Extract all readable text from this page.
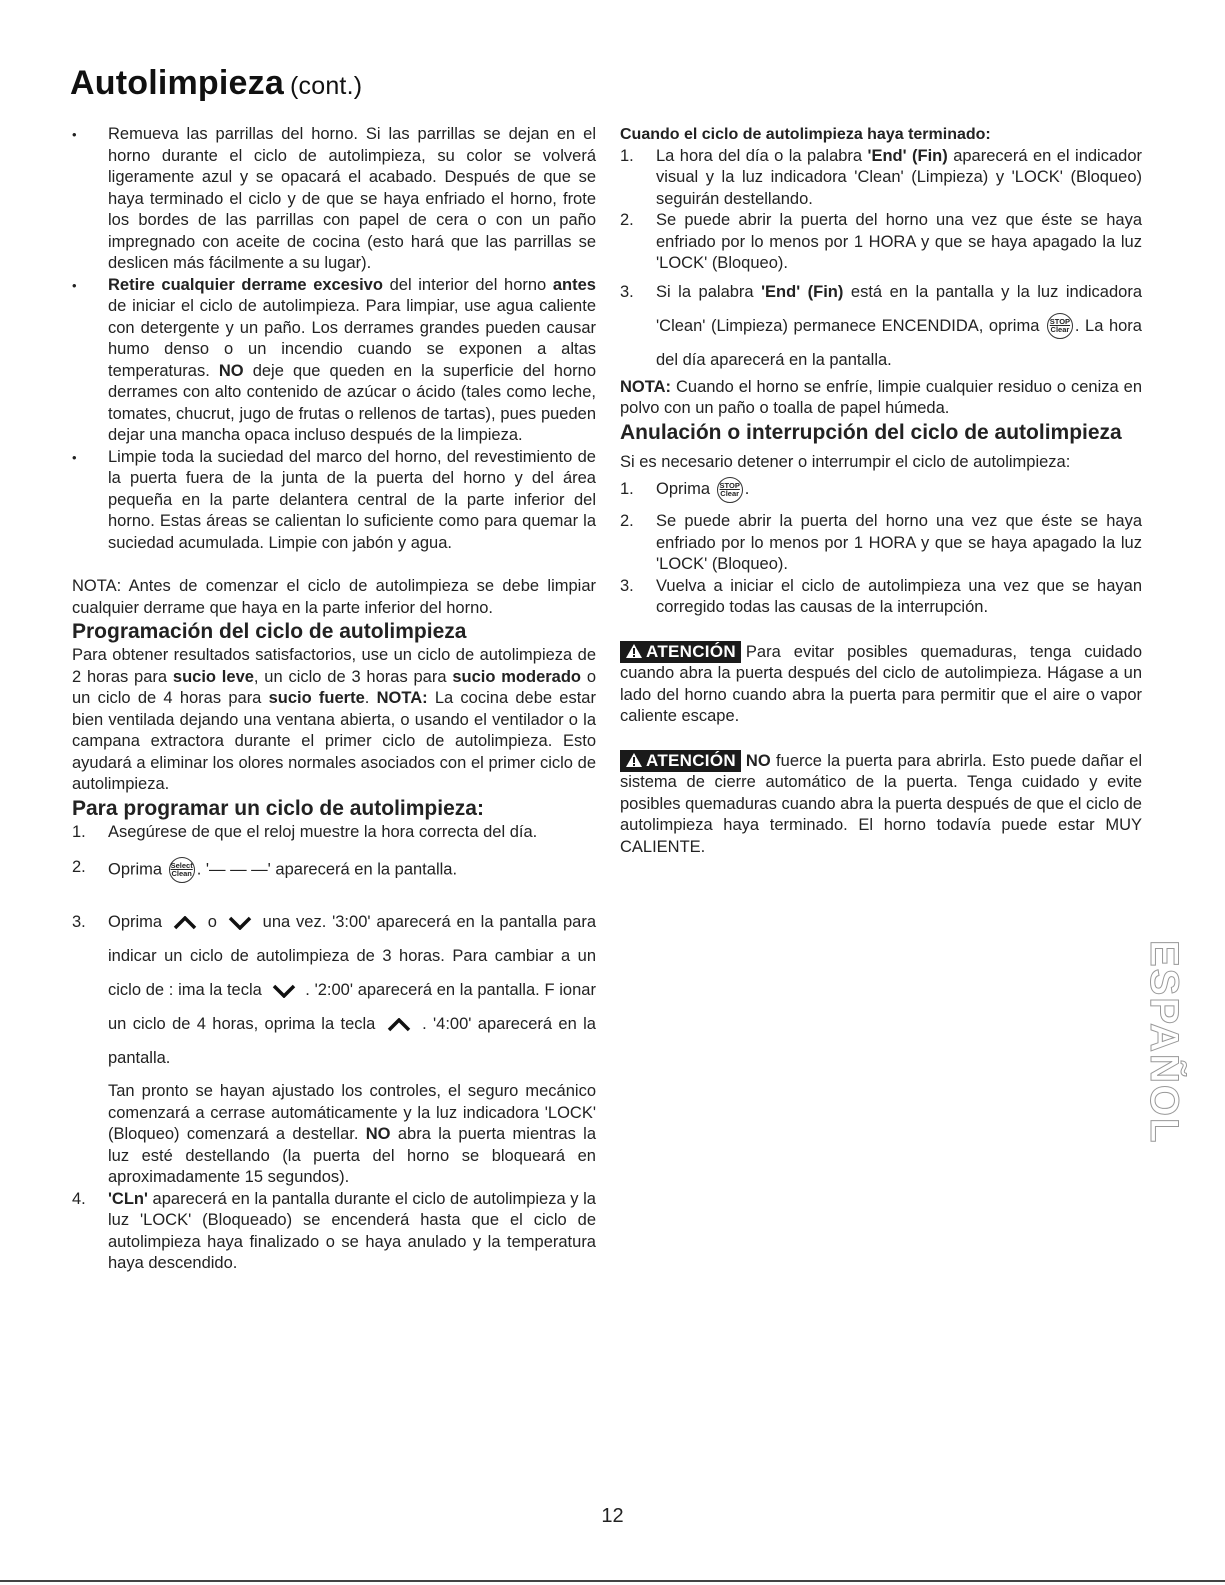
Autolimpieza (cont.)
• Remueva las parrillas del horno. Si las parrillas se dejan en el horno durante el ciclo de autolimpieza, su color se volverá ligeramente azul y se opacará el acabado. Después de que se haya terminado el ciclo y de que se haya enfriado el horno, frote los bordes de las parrillas con papel de cera o con un paño impregnado con aceite de cocina (esto hará que las parrillas se deslicen más fácilmente a su lugar).
• Retire cualquier derrame excesivo del interior del horno antes de iniciar el ciclo de autolimpieza. Para limpiar, use agua caliente con detergente y un paño. Los derrames grandes pueden causar humo denso o un incendio cuando se exponen a altas temperaturas. NO deje que queden en la superficie del horno derrames con alto contenido de azúcar o ácido (tales como leche, tomates, chucrut, jugo de frutas o rellenos de tartas), pues pueden dejar una mancha opaca incluso después de la limpieza.
• Limpie toda la suciedad del marco del horno, del revestimiento de la puerta fuera de la junta de la puerta del horno y del área pequeña en la parte delantera central de la parte inferior del horno. Estas áreas se calientan lo suficiente como para quemar la suciedad acumulada. Limpie con jabón y agua.

NOTA: Antes de comenzar el ciclo de autolimpieza se debe limpiar cualquier derrame que haya en la parte inferior del horno.

Programación del ciclo de autolimpieza

Para obtener resultados satisfactorios, use un ciclo de autolimpieza de 2 horas para sucio leve, un ciclo de 3 horas para sucio moderado o un ciclo de 4 horas para sucio fuerte. NOTA: La cocina debe estar bien ventilada dejando una ventana abierta, o usando el ventilador o la campana extractora durante el primer ciclo de autolimpieza. Esto ayudará a eliminar los olores normales asociados con el primer ciclo de autolimpieza.

Para programar un ciclo de autolimpieza:
1. Asegúrese de que el reloj muestre la hora correcta del día.
2. Oprima Select
Clean . '— — —' aparecerá en la pantalla.
3. Oprima	o	una vez. '3:00' aparecerá en la pantalla para indicar un ciclo de autolimpieza de 3 horas. Para cambiar a un ciclo de : ima la tecla	. '2:00' aparecerá en la pantalla. F ionar un ciclo de 4 horas, oprima la tecla	. '4:00' aparecerá en la pantalla.
Tan pronto se hayan ajustado los controles, el seguro mecánico comenzará a cerrase automáticamente y la luz indicadora 'LOCK' (Bloqueo) comenzará a destellar. NO abra la puerta mientras la luz esté destellando (la puerta del horno se bloqueará en aproximadamente 15 segundos).
4. 'CLn' aparecerá en la pantalla durante el ciclo de autolimpieza y la luz 'LOCK' (Bloqueado) se encenderá hasta que el ciclo de autolimpieza haya finalizado o se haya anulado y la temperatura haya descendido.

Cuando el ciclo de autolimpieza haya terminado:

1. La hora del día o la palabra 'End' (Fin) aparecerá en el indicador visual y la luz indicadora 'Clean' (Limpieza) y 'LOCK' (Bloqueo) seguirán destellando.
2. Se puede abrir la puerta del horno una vez que éste se haya enfriado por lo menos por 1 HORA y que se haya apagado la luz 'LOCK' (Bloqueo).
3. Si la palabra 'End' (Fin) está en la pantalla y la luz indicadora 'Clean' (Limpieza) permanece ENCENDIDA, oprima STOP
Clear . La hora del día aparecerá en la pantalla.

NOTA: Cuando el horno se enfríe, limpie cualquier residuo o ceniza en polvo con un paño o toalla de papel húmeda.

Anulación o interrupción del ciclo de autolimpieza

Si es necesario detener o interrumpir el ciclo de autolimpieza:

1. Oprima STOP
Clear .
2. Se puede abrir la puerta del horno una vez que éste se haya enfriado por lo menos por 1 HORA y que se haya apagado la luz 'LOCK' (Bloqueo).
3. Vuelva a iniciar el ciclo de autolimpieza una vez que se hayan corregido todas las causas de la interrupción.

ATENCIÓN Para evitar posibles quemaduras, tenga cuidado cuando abra la puerta después del ciclo de autolimpieza. Hágase a un lado del horno cuando abra la puerta para permitir que el aire o vapor caliente escape.

ATENCIÓN NO fuerce la puerta para abrirla. Esto puede dañar el sistema de cierre automático de la puerta. Tenga cuidado y evite posibles quemaduras cuando abra la puerta después de que el ciclo de autolimpieza haya terminado. El horno todavía puede estar MUY CALIENTE.

ESPAÑOL
12
